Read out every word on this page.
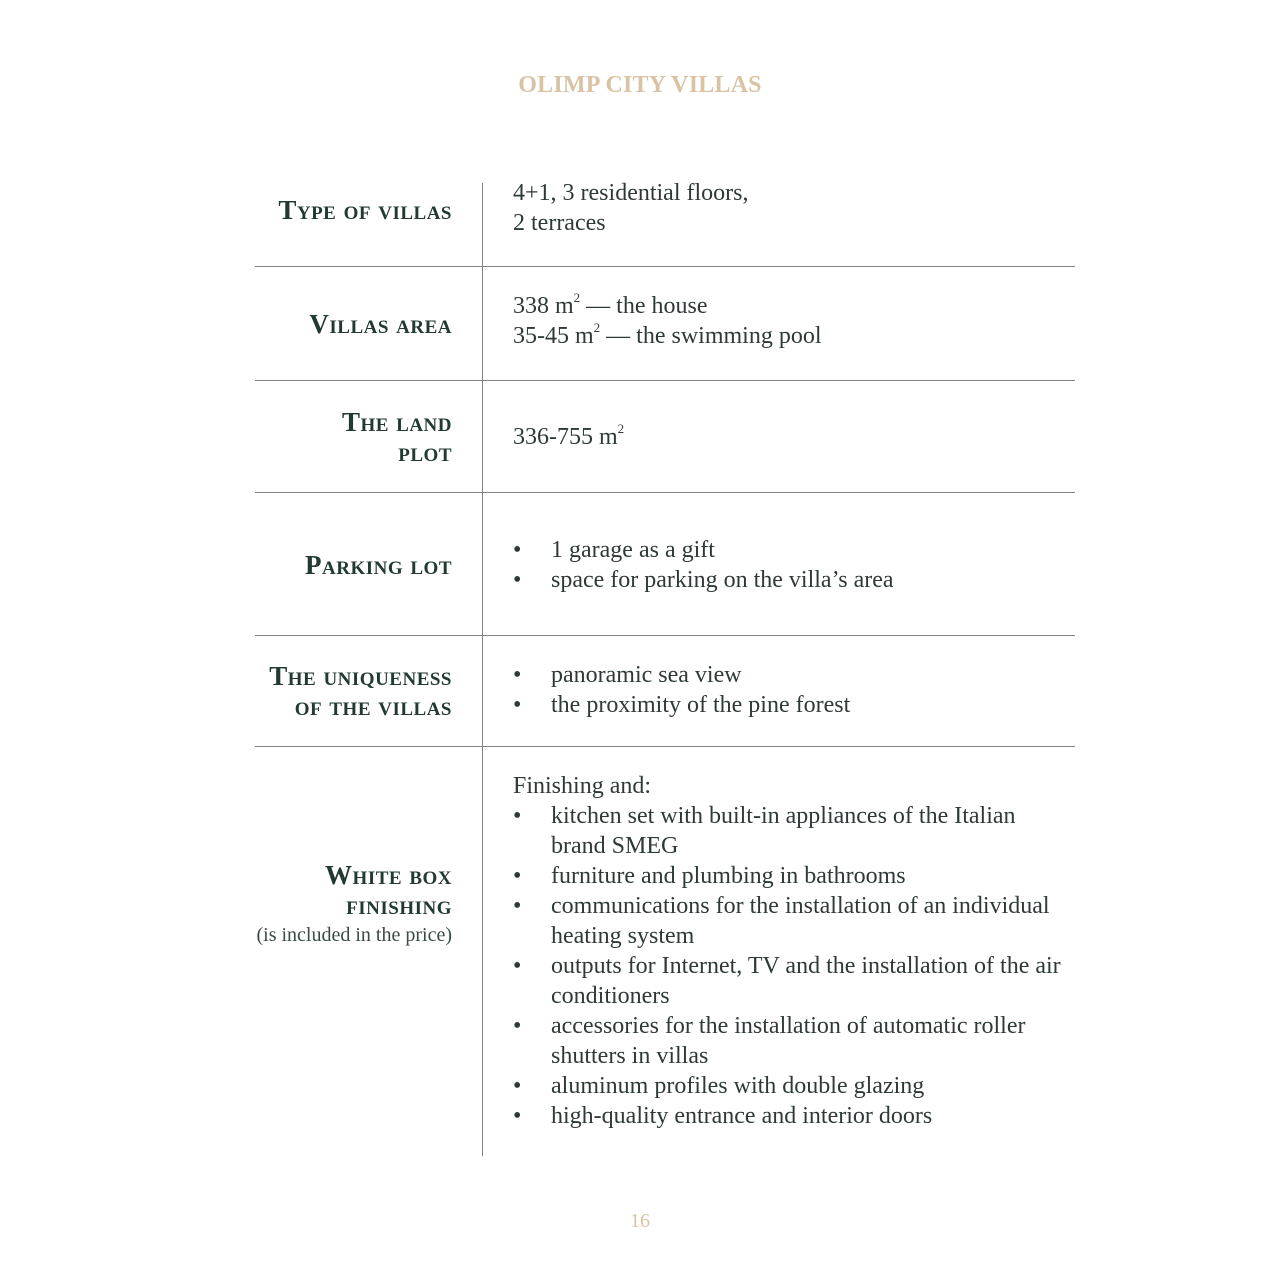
OLIMP CITY VILLAS
Type of villas
4+1, 3 residential floors,
2 terraces
Villas area
338 $m^2$ — the house
35-45 $m^2$ — the swimming pool
The land
plot	336-755 $m^2$
Parking lot
•	1 garage as a gift
• space for parking on the villa’s area
The uniqueness
of the villas
• panoramic sea view
• the proximity of the pine forest
White box
finishing
(is included in the price)
Finishing and:
• kitchen set with built-in appliances of the Italian brand SMEG
• furniture and plumbing in bathrooms
• communications for the installation of an individual heating system
• outputs for Internet, TV and the installation of the air conditioners
• accessories for the installation of automatic roller shutters in villas
• aluminum profiles with double glazing
• high-quality entrance and interior doors
16
